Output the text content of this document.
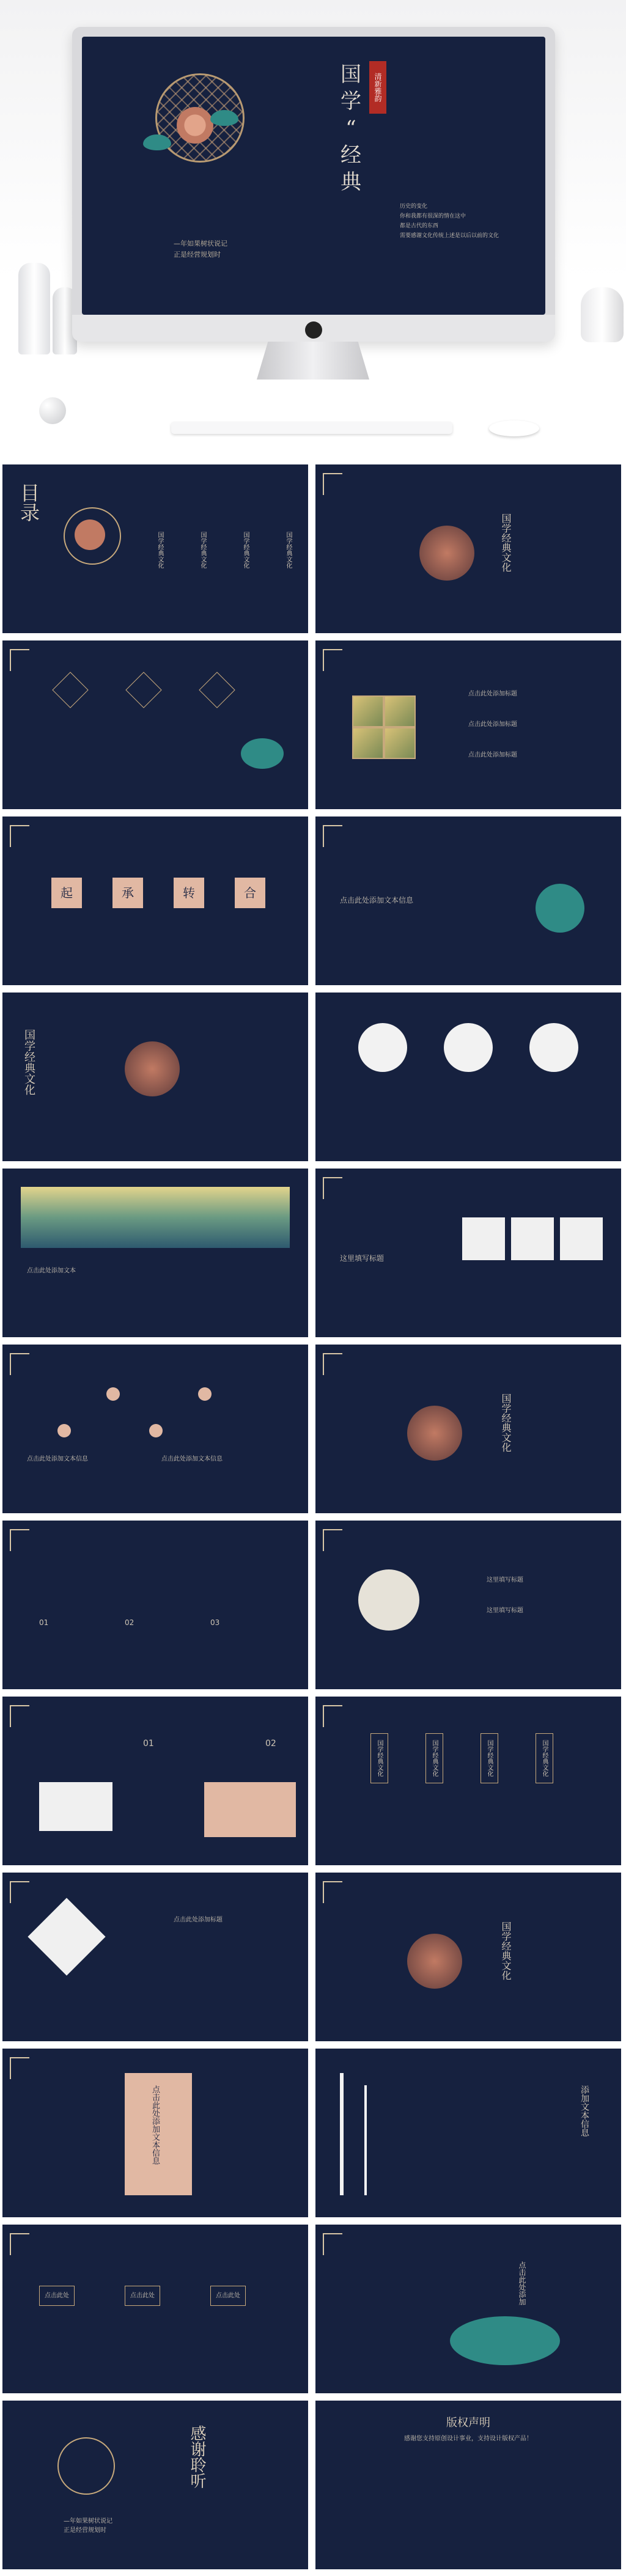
国
学
“
经
典
清新雅韵
—年如果树状说记
正是经营规划时
历史的变化
你和我都有很深的情在这中
都是古代的东西
需要感谢文化传统上述是以后以前的文化
目录
国学经典文化	国学经典文化	国学经典文化	国学经典文化	国学经典文化
点击此处添加标题
点击此处添加标题
点击此处添加标题
起	承	转	合	点击此处添加文本信息
国学经典文化
点击此处添加文本
这里填写标题
点击此处添加文本信息	点击此处添加文本信息
国学经典文化
01	02	03
这里填写标题
这里填写标题
01	02	国学经典文化	国学经典文化	国学经典文化	国学经典文化
点击此处添加标题
国学经典文化
点击此处添加文本信息	添加文本信息
点击此处	点击此处	点击此处	点击此处添加
感谢聆听
—年如果树状说记
正是经营规划时
版权声明
感谢您支持原创设计事业，支持设计版权产品！
